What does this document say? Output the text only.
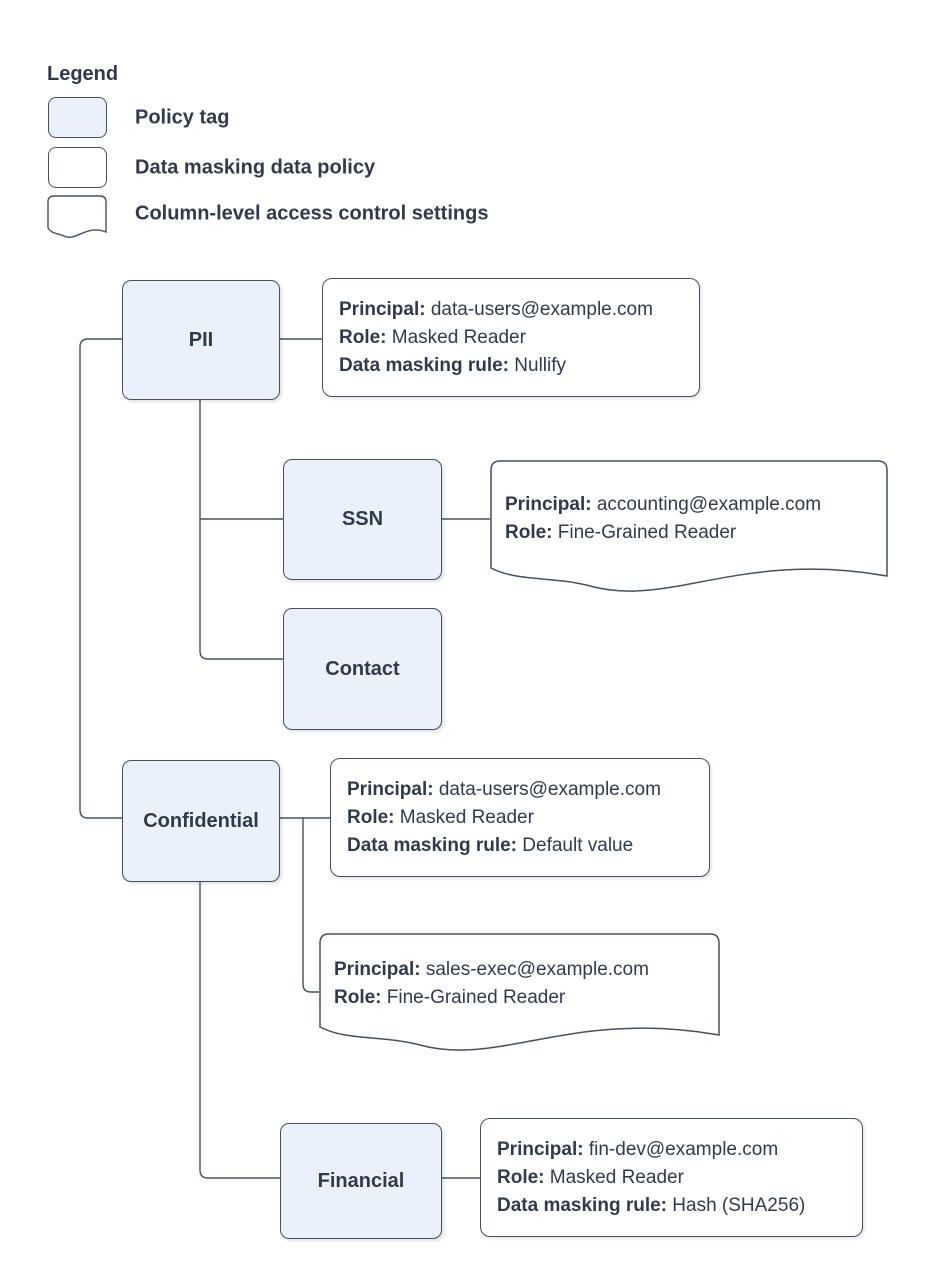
Legend
Policy tag
Data masking data policy
Column-level access control settings
PII
SSN
Contact
Confidential
Financial
Principal: data-users@example.com
Role: Masked Reader
Data masking rule: Nullify
Principal: data-users@example.com
Role: Masked Reader
Data masking rule: Default value
Principal: fin-dev@example.com
Role: Masked Reader
Data masking rule: Hash (SHA256)
Principal: accounting@example.com
Role: Fine-Grained Reader
Principal: sales-exec@example.com
Role: Fine-Grained Reader
